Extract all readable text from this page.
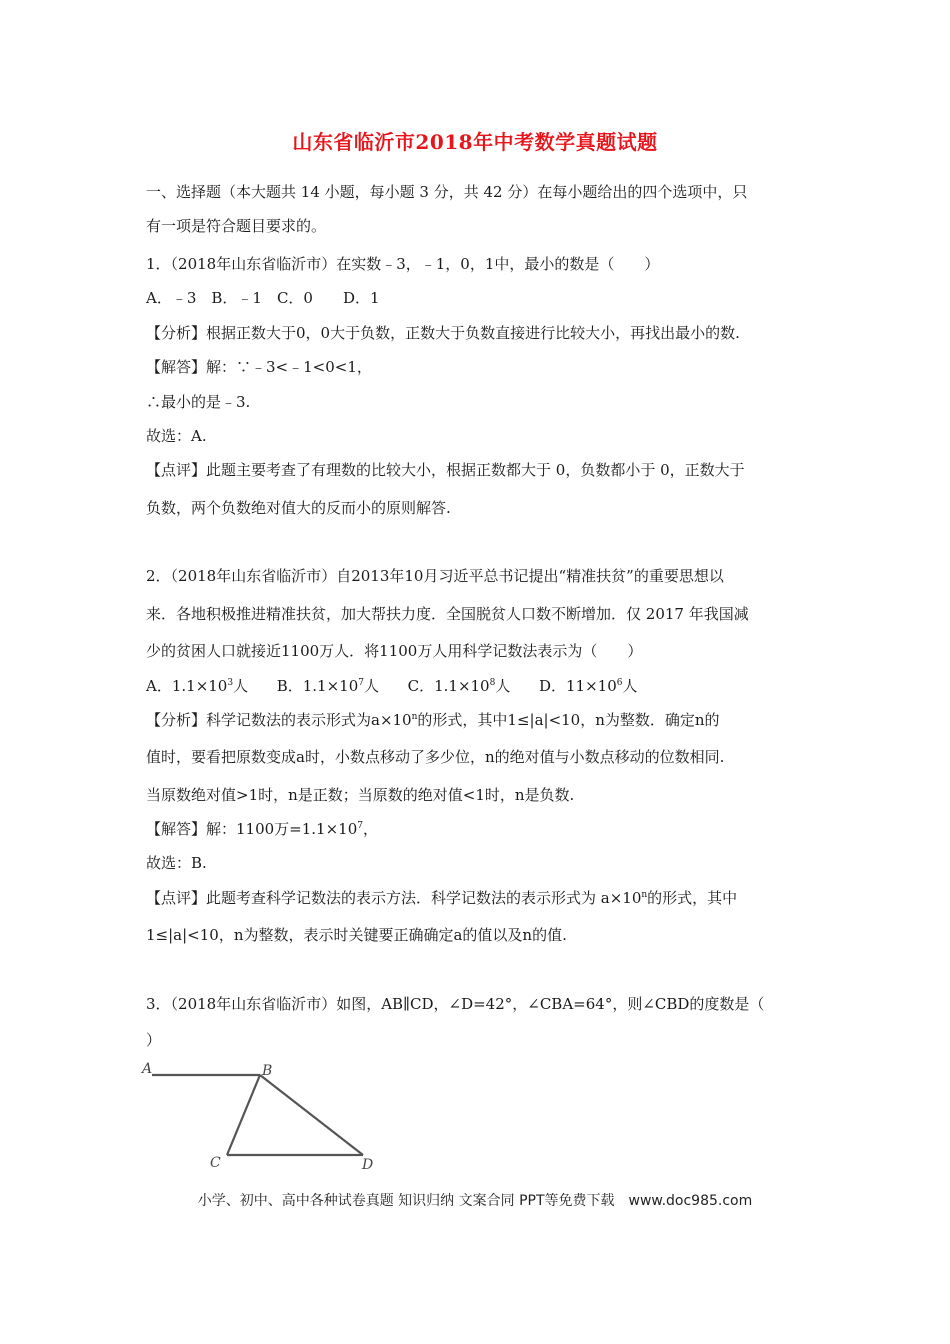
山东省临沂市2018年中考数学真题试题
一、选择题（本大题共 14 小题，每小题 3 分，共 42 分）在每小题给出的四个选项中，只
有一项是符合题目要求的。
1．（2018年山东省临沂市）在实数﹣3，﹣1，0，1中，最小的数是（　　）
A．﹣3　B．﹣1　C．0　　D．1
【分析】根据正数大于0，0大于负数，正数大于负数直接进行比较大小，再找出最小的数.
【解答】解：∵﹣3<﹣1<0<1，
∴最小的是﹣3.
故选：A.
【点评】此题主要考查了有理数的比较大小，根据正数都大于 0，负数都小于 0，正数大于
负数，两个负数绝对值大的反而小的原则解答.
2．（2018年山东省临沂市）自2013年10月习近平总书记提出“精准扶贫”的重要思想以
来．各地积极推进精准扶贫，加大帮扶力度．全国脱贫人口数不断增加．仅 2017 年我国减
少的贫困人口就接近1100万人．将1100万人用科学记数法表示为（　　）
A．$1.1\times 10^3$人 B．$1.1\times 10^7$人 C．$1.1\times 10^8$人 D．$11\times 10^6$人
【分析】科学记数法的表示形式为$a\times 10^n$的形式，其中1≤|a|<10，n为整数．确定n的
值时，要看把原数变成a时，小数点移动了多少位，n的绝对值与小数点移动的位数相同.
当原数绝对值>1时，n是正数；当原数的绝对值<1时，n是负数.
【解答】解：1100万$=1.1\times 10^7$，
故选：B.
【点评】此题考查科学记数法的表示方法．科学记数法的表示形式为 $a\times 10^n$的形式，其中
1≤|a|<10，n为整数，表示时关键要正确确定a的值以及n的值.
3．（2018年山东省临沂市）如图，AB∥CD，∠D=42°，∠CBA=64°，则∠CBD的度数是（
）
A	B
C	D
小学、初中、高中各种试卷真题 知识归纳 文案合同 PPT等免费下载　www.doc985.com
